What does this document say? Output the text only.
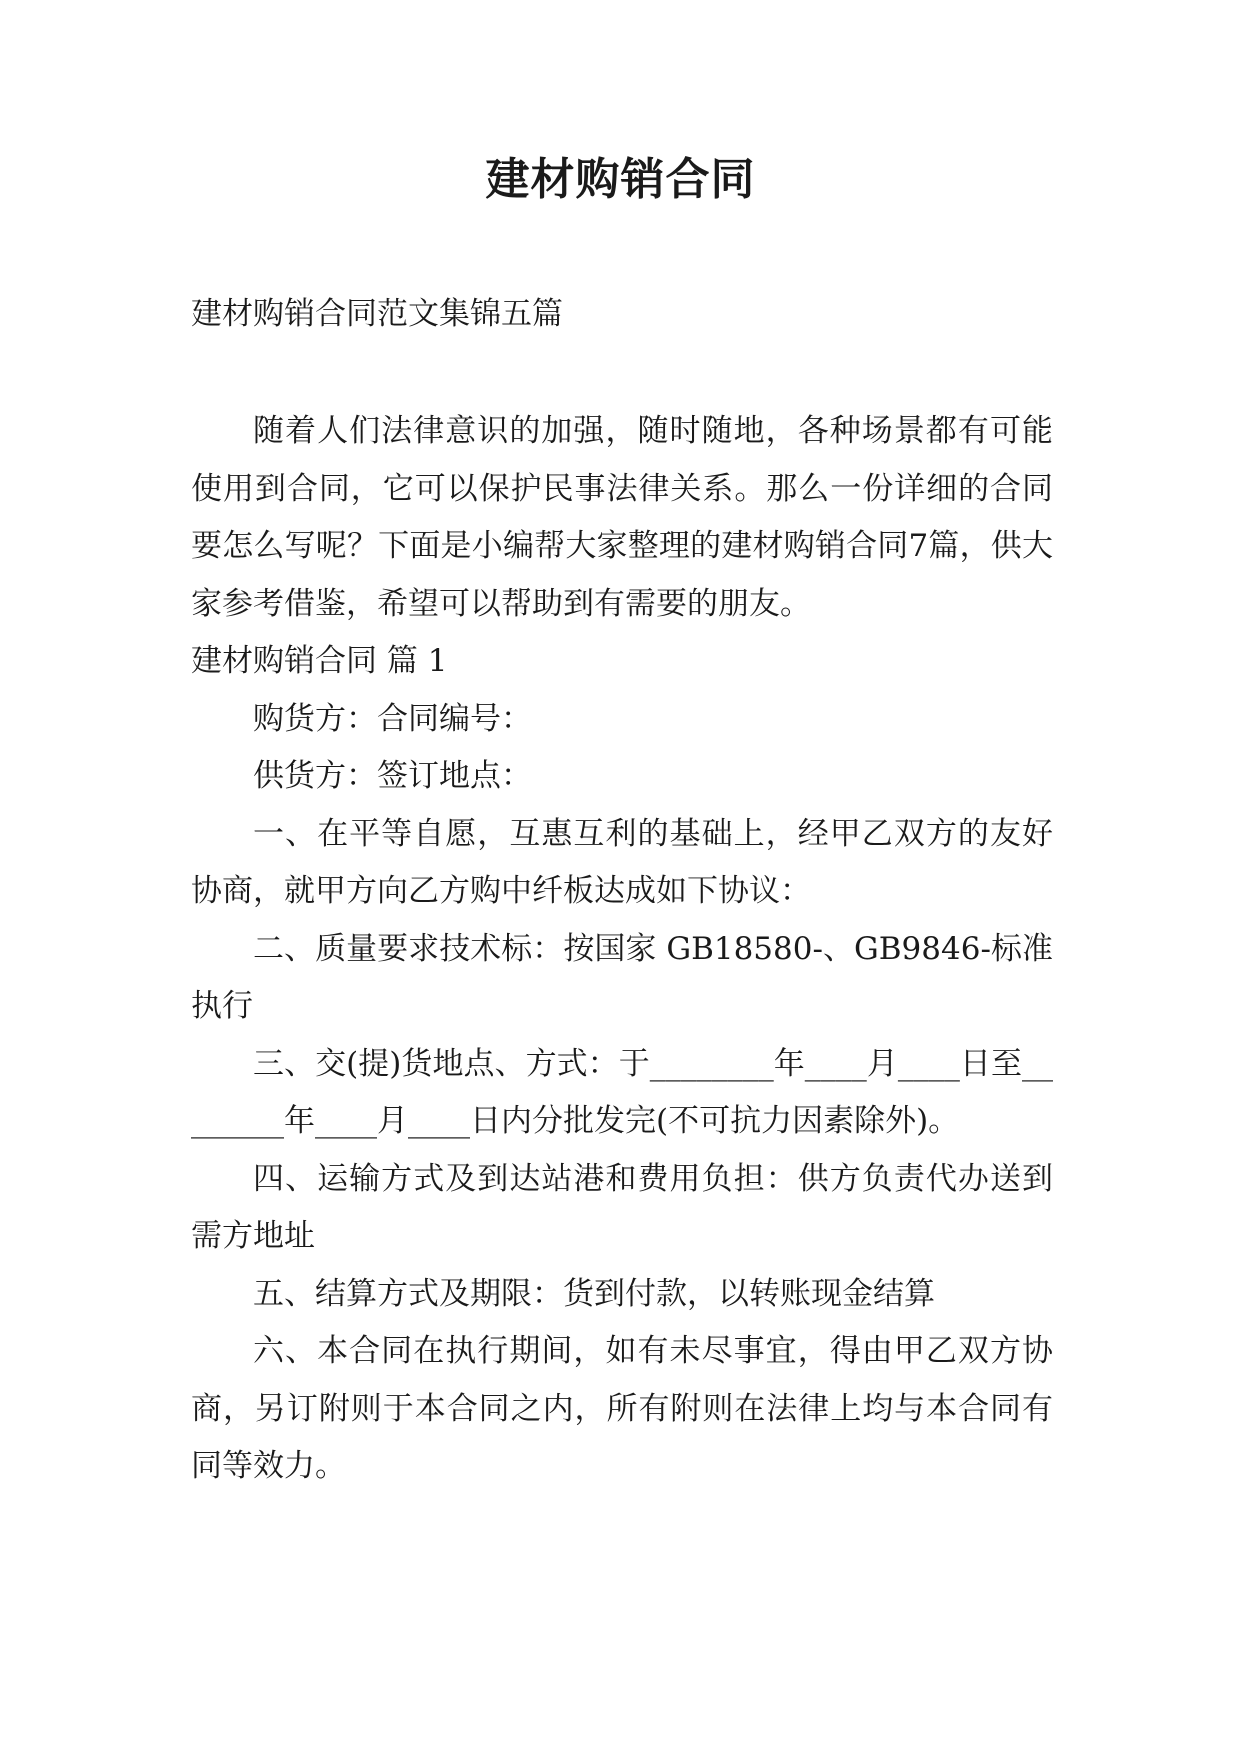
建材购销合同
建材购销合同范文集锦五篇

随着人们法律意识的加强，随时随地，各种场景都有可能使用到合同，它可以保护民事法律关系。那么一份详细的合同要怎么写呢？下面是小编帮大家整理的建材购销合同7篇，供大家参考借鉴，希望可以帮助到有需要的朋友。

建材购销合同 篇 1

购货方：合同编号：

供货方：签订地点：

一、在平等自愿，互惠互利的基础上，经甲乙双方的友好协商，就甲方向乙方购中纤板达成如下协议：

二、质量要求技术标：按国家 GB18580-、GB9846-标准执行

三、交(提)货地点、方式：于________年____月____日至________年____月____日内分批发完(不可抗力因素除外)。

四、运输方式及到达站港和费用负担：供方负责代办送到需方地址

五、结算方式及期限：货到付款，以转账现金结算

六、本合同在执行期间，如有未尽事宜，得由甲乙双方协商，另订附则于本合同之内，所有附则在法律上均与本合同有同等效力。
